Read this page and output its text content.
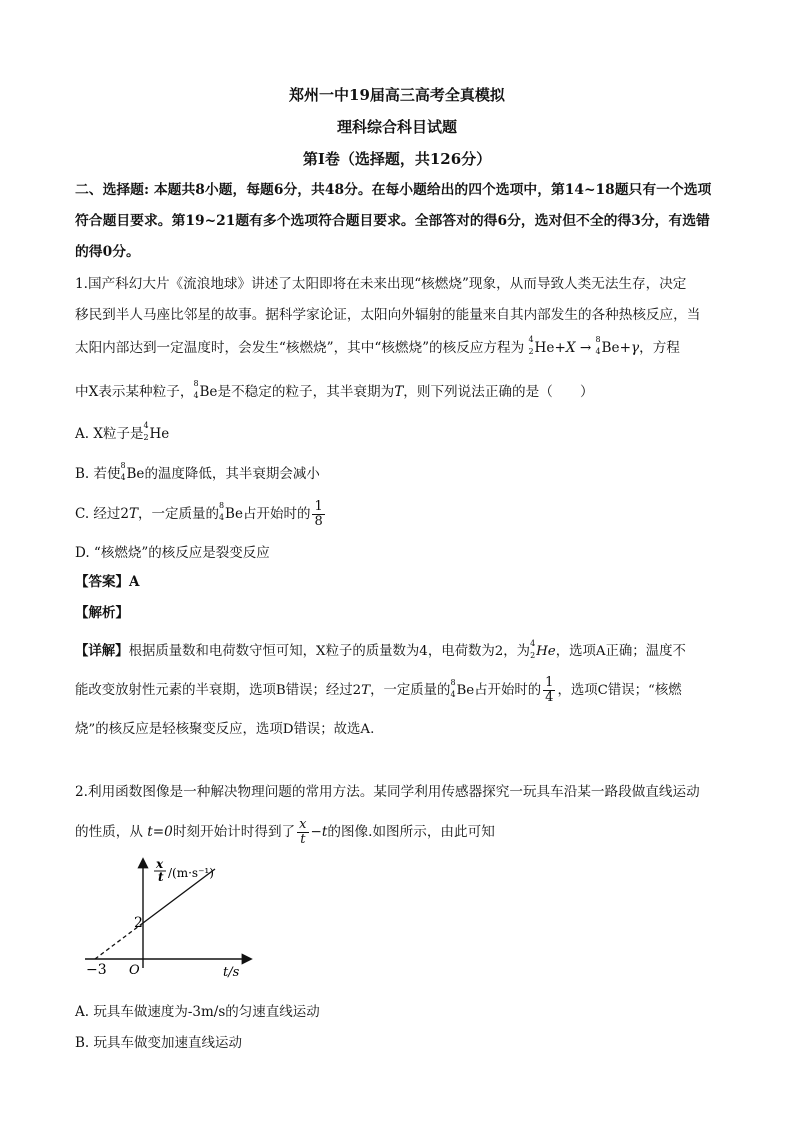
郑州一中19届高三高考全真模拟
理科综合科目试题
第Ⅰ卷（选择题，共126分）
二、选择题: 本题共8小题，每题6分，共48分。在每小题给出的四个选项中，第14~18题只有一个选项
符合题目要求。第19~21题有多个选项符合题目要求。全部答对的得6分，选对但不全的得3分，有选错
的得0分。
1.国产科幻大片《流浪地球》讲述了太阳即将在未来出现“核燃烧”现象，从而导致人类无法生存，决定
移民到半人马座比邻星的故事。据科学家论证，太阳向外辐射的能量来自其内部发生的各种热核反应，当
太阳内部达到一定温度时，会发生“核燃烧”，其中“核燃烧”的核反应方程为
4
2 He+X →
8
4 Be+γ，方程
中X表示某种粒子，
8
4 Be是不稳定的粒子，其半衰期为T，则下列说法正确的是（　　）
A. X粒子是
4
2 He
B. 若使
8
4 Be的温度降低，其半衰期会减小
C. 经过2T，一定质量的
8
4 Be占开始时的 $\frac{1}{8}$
D. “核燃烧”的核反应是裂变反应
【答案】A
【解析】
【详解】根据质量数和电荷数守恒可知，X粒子的质量数为4，电荷数为2，为
4
2 He，选项A正确；温度不
能改变放射性元素的半衰期，选项B错误；经过2T，一定质量的
8
4 Be占开始时的 $\frac{1}{4}$ ，选项C错误；“核燃
烧”的核反应是轻核聚变反应，选项D错误；故选A.
2.利用函数图像是一种解决物理问题的常用方法。某同学利用传感器探究一玩具车沿某一路段做直线运动
的性质，从 t=0时刻开始计时得到了 $\frac{x}{t} -t$的图像.如图所示，由此可知
x
t /(m·s⁻¹)
2
−3 O	t/s
A. 玩具车做速度为-3m/s的匀速直线运动
B. 玩具车做变加速直线运动
